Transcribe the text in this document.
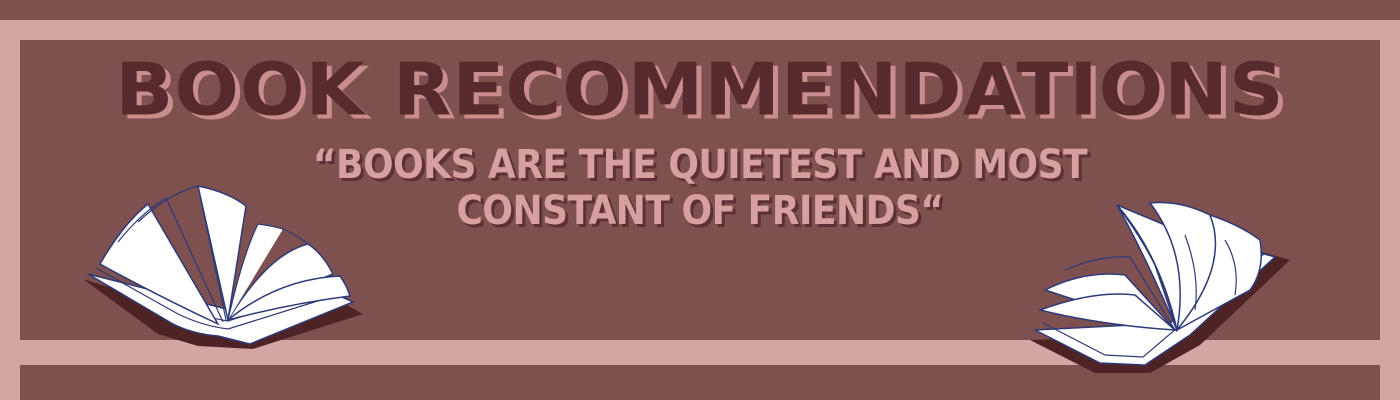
BOOK RECOMMENDATIONS
“BOOKS ARE THE QUIETEST AND MOST
CONSTANT OF FRIENDS“
